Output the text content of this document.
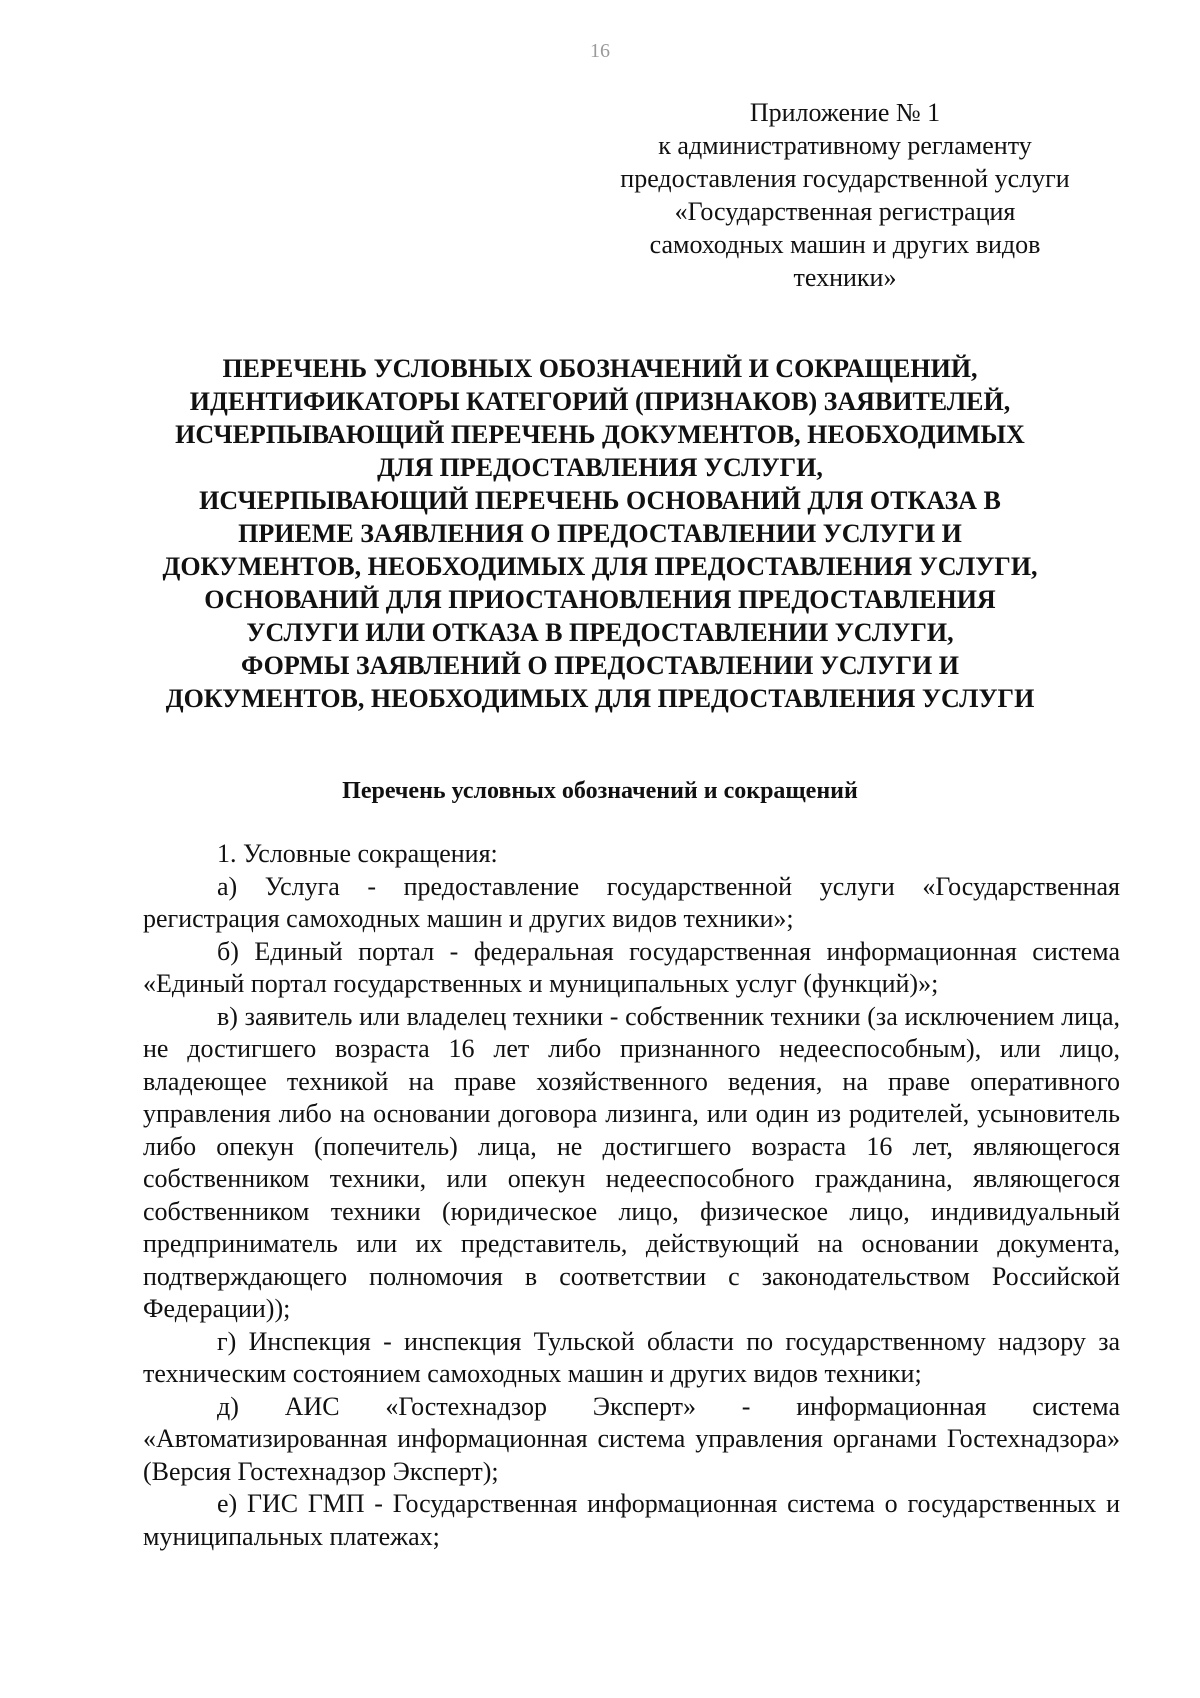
16
Приложение № 1
к административному регламенту
предоставления государственной услуги
«Государственная регистрация
самоходных машин и других видов
техники»
ПЕРЕЧЕНЬ УСЛОВНЫХ ОБОЗНАЧЕНИЙ И СОКРАЩЕНИЙ,
ИДЕНТИФИКАТОРЫ КАТЕГОРИЙ (ПРИЗНАКОВ) ЗАЯВИТЕЛЕЙ,
ИСЧЕРПЫВАЮЩИЙ ПЕРЕЧЕНЬ ДОКУМЕНТОВ, НЕОБХОДИМЫХ
ДЛЯ ПРЕДОСТАВЛЕНИЯ УСЛУГИ,
ИСЧЕРПЫВАЮЩИЙ ПЕРЕЧЕНЬ ОСНОВАНИЙ ДЛЯ ОТКАЗА В
ПРИЕМЕ ЗАЯВЛЕНИЯ О ПРЕДОСТАВЛЕНИИ УСЛУГИ И
ДОКУМЕНТОВ, НЕОБХОДИМЫХ ДЛЯ ПРЕДОСТАВЛЕНИЯ УСЛУГИ,
ОСНОВАНИЙ ДЛЯ ПРИОСТАНОВЛЕНИЯ ПРЕДОСТАВЛЕНИЯ
УСЛУГИ ИЛИ ОТКАЗА В ПРЕДОСТАВЛЕНИИ УСЛУГИ,
ФОРМЫ ЗАЯВЛЕНИЙ О ПРЕДОСТАВЛЕНИИ УСЛУГИ И
ДОКУМЕНТОВ, НЕОБХОДИМЫХ ДЛЯ ПРЕДОСТАВЛЕНИЯ УСЛУГИ
Перечень условных обозначений и сокращений

1. Условные сокращения:

а) Услуга - предоставление государственной услуги «Государственная регистрация самоходных машин и других видов техники»;

б) Единый портал - федеральная государственная информационная система «Единый портал государственных и муниципальных услуг (функций)»;

в) заявитель или владелец техники - собственник техники (за исключением лица, не достигшего возраста 16 лет либо признанного недееспособным), или лицо, владеющее техникой на праве хозяйственного ведения, на праве оперативного управления либо на основании договора лизинга, или один из родителей, усыновитель либо опекун (попечитель) лица, не достигшего возраста 16 лет, являющегося собственником техники, или опекун недееспособного гражданина, являющегося собственником техники (юридическое лицо, физическое лицо, индивидуальный предприниматель или их представитель, действующий на основании документа, подтверждающего полномочия в соответствии с законодательством Российской Федерации));

г) Инспекция - инспекция Тульской области по государственному надзору за техническим состоянием самоходных машин и других видов техники;

д) АИС «Гостехнадзор Эксперт» - информационная система «Автоматизированная информационная система управления органами Гостехнадзора» (Версия Гостехнадзор Эксперт);

е) ГИС ГМП - Государственная информационная система о государственных и муниципальных платежах;
